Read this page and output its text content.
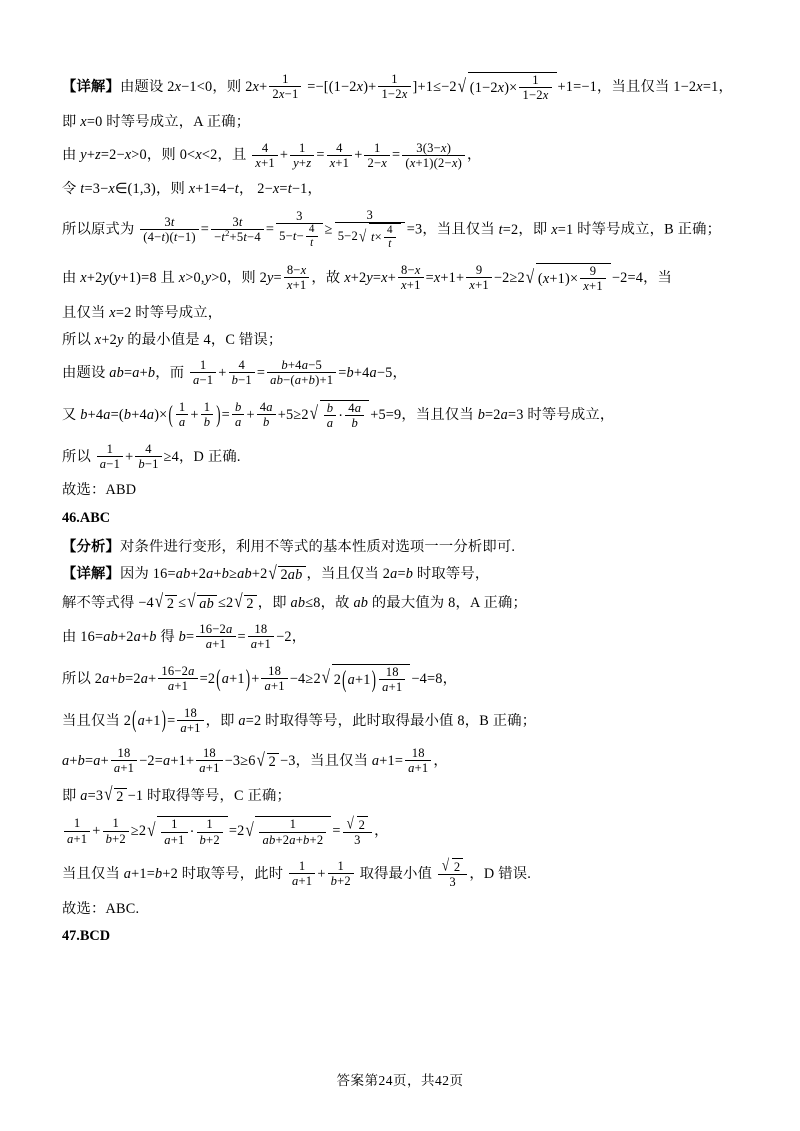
【详解】由题设 2x−1<0，则 $2x+ \frac{1}{2x-1} =-[(1-2x)+ \frac{1}{1-2x} ]+1\le-2$ √ $(1-2x)\times \frac{1}{1-2x} +1=-1$，当且仅当 1−2x=1，

即 x=0 时等号成立，A 正确；

由 y+z=2−x>0，则 0<x<2，且 $\frac{4}{x+1} + \frac{1}{y+z} = \frac{4}{x+1} + \frac{1}{2-x} = \frac{3(3-x)}{(x+1)(2-x)}$ ，

令 t=3−x∈(1,3)，则 x+1=4−t， 2−x=t−1，

所以原式为 $\frac{3t}{(4-t)(t-1)} = \frac{3t}{-t^2+5t-4} = \frac{3}{5-t- \frac{4}{t}} \ge \frac{3}{5-2 √ t\times \frac{4}{t}} =3$，当且仅当 t=2，即 x=1 时等号成立，B 正确；

由 x+2y(y+1)=8 且 x>0,y>0，则 $2y= \frac{8-x}{x+1}$ ，故 $x+2y=x+ \frac{8-x}{x+1} =x+1+ \frac{9}{x+1} -2\ge 2$ √ $(x+1)\times \frac{9}{x+1} -2=4$，当

且仅当 x=2 时等号成立，

所以 x+2y 的最小值是 4，C 错误；

由题设 ab=a+b，而 $\frac{1}{a-1} + \frac{4}{b-1} = \frac{b+4a-5}{ab-(a+b)+1} =b+4a-5$，

又 $b+4a=(b+4a)\times( \frac{1}{a} + \frac{1}{b}$ )= $\frac{b}{a} + \frac{4a}{b} +5\ge 2$ √ $\frac{b}{a} \cdot \frac{4a}{b} +5=9$，当且仅当 b=2a=3 时等号成立，

所以 $\frac{1}{a-1} + \frac{4}{b-1} \ge 4$，D 正确.

故选：ABD

46.ABC

【分析】对条件进行变形，利用不等式的基本性质对选项一一分析即可.

【详解】因为 16=ab+2a+b≥ab+2 √ 2ab ，当且仅当 2a=b 时取等号，

解不等式得 −4 √ 2 ≤ √ ab ≤2 √ 2 ，即 ab≤8，故 ab 的最大值为 8，A 正确；

由 16=ab+2a+b 得 $b= \frac{16-2a}{a+1} = \frac{18}{a+1} -2$，

所以 $2a+b=2a+ \frac{16-2a}{a+1} =2(a+1)+ \frac{18}{a+1} -4\ge 2$ √ $2(a+1) \frac{18}{a+1} -4=8$，

当且仅当 $2(a+1)= \frac{18}{a+1}$ ，即 a=2 时取得等号，此时取得最小值 8，B 正确；

$a+b=a+ \frac{18}{a+1} -2=a+1+ \frac{18}{a+1} -3\ge 6$ √ 2 −3，当且仅当 $a+1= \frac{18}{a+1}$ ，

即 a=3 √ 2 −1 时取得等号，C 正确；

$\frac{1}{a+1} + \frac{1}{b+2} \ge 2$ √ $\frac{1}{a+1} \cdot \frac{1}{b+2} =2$ √ $\frac{1}{ab+2a+b+2} = \frac{√ 2}{3}$ ，

当且仅当 a+1=b+2 时取等号，此时 $\frac{1}{a+1} + \frac{1}{b+2}$ 取得最小值 $\frac{√ 2}{3}$ ，D 错误.

故选：ABC.

47.BCD

答案第24页，共42页
